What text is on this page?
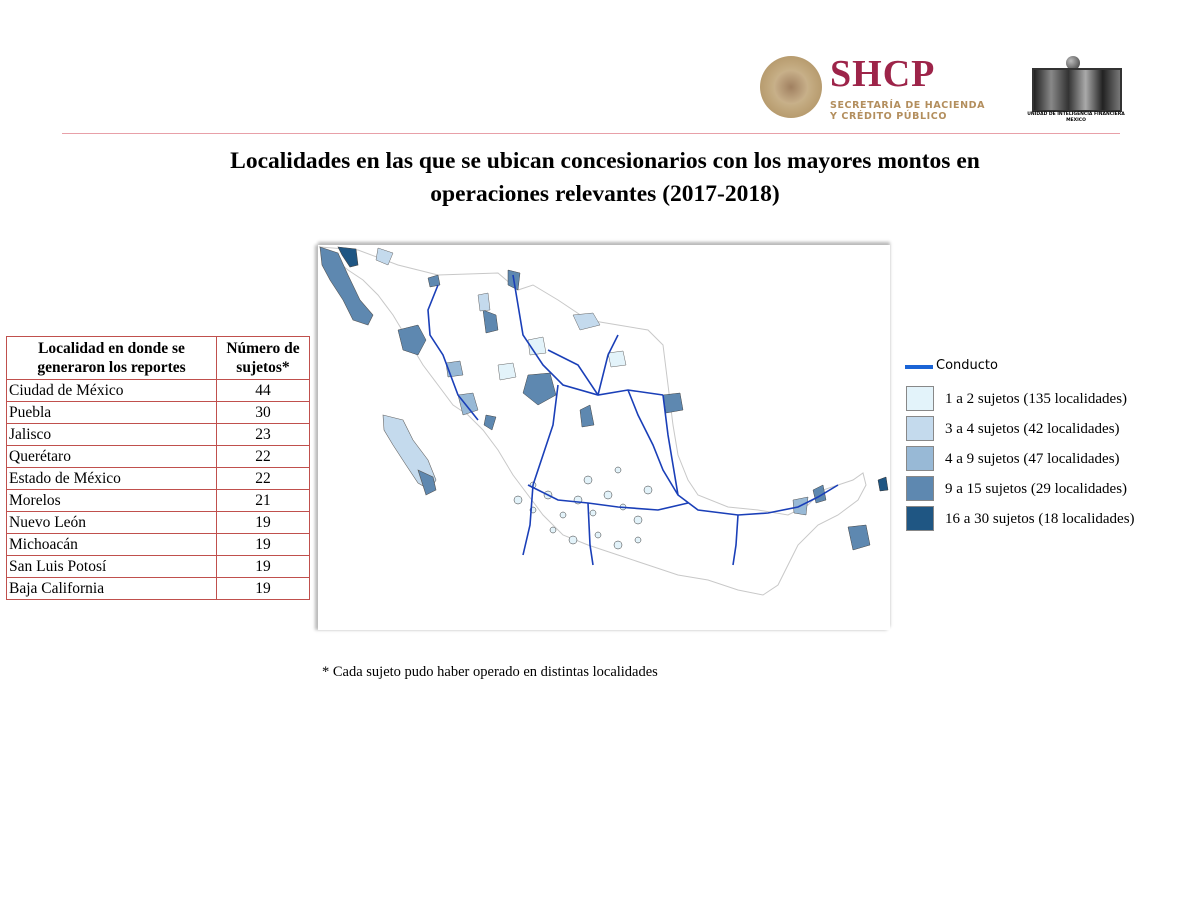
SHCP
SECRETARÍA DE HACIENDA
Y CRÉDITO PÚBLICO	UNIDAD DE INTELIGENCIA FINANCIERA
MEXICO
Localidades en las que se ubican concesionarios con los mayores montos en
operaciones relevantes (2017-2018)
Localidad en donde se generaron los reportes	Número de sujetos*
Ciudad de México	44
Puebla	30
Jalisco	23
Querétaro	22
Estado de México	22
Morelos	21
Nuevo León	19
Michoacán	19
San Luis Potosí	19
Baja California	19
Conducto
1 a 2 sujetos (135 localidades)
3 a 4 sujetos (42 localidades)
4 a 9 sujetos (47 localidades)
9 a 15 sujetos (29 localidades)
16 a 30 sujetos (18 localidades)
* Cada sujeto pudo haber operado en distintas localidades
